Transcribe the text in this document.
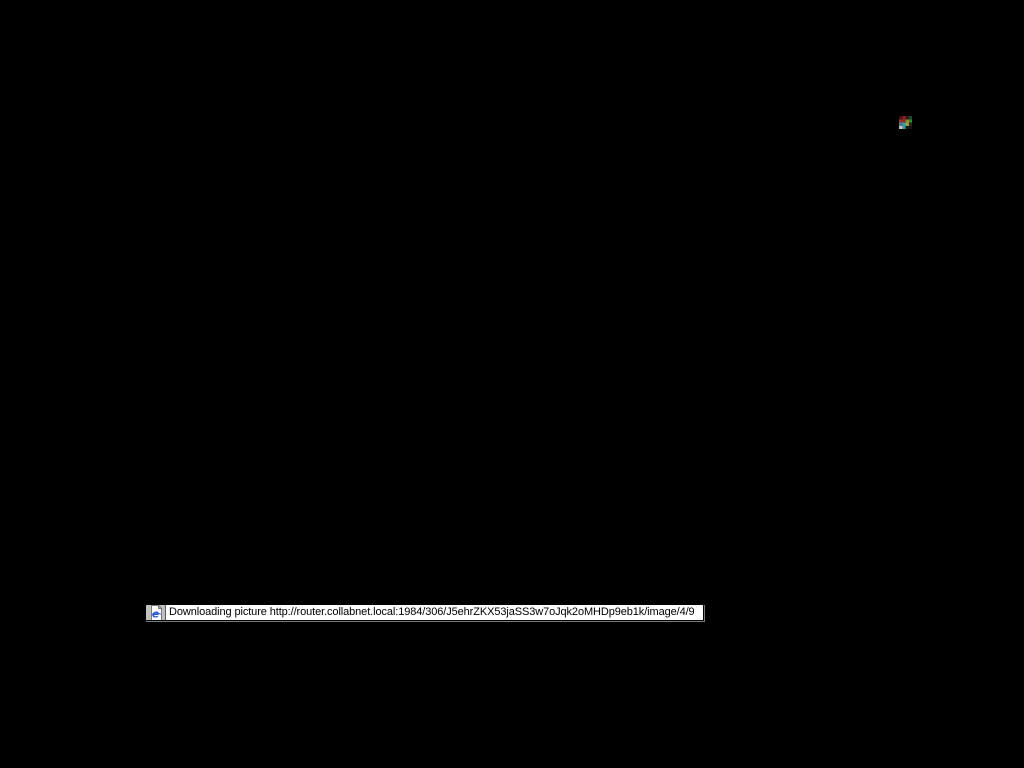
e Downloading picture http://router.collabnet.local:1984/306/J5ehrZKX53jaSS3w7oJqk2oMHDp9eb1k/image/4/9
